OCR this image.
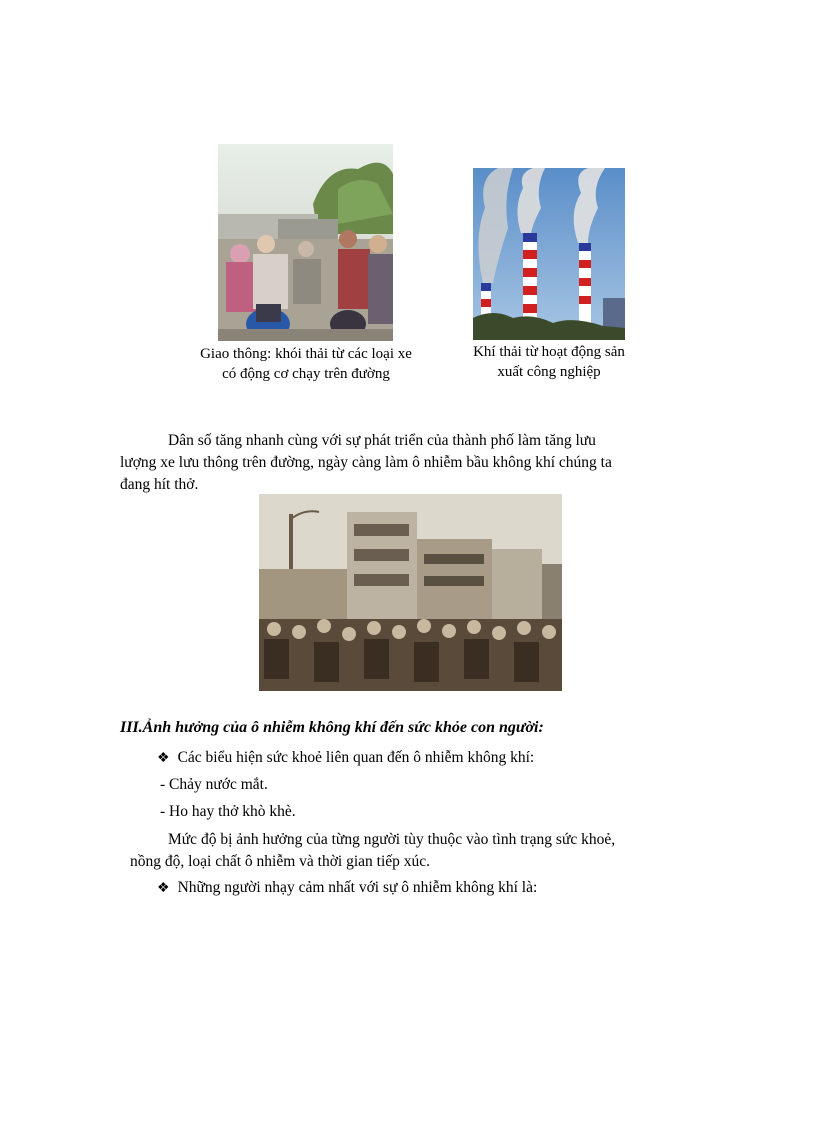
Giao thông: khói thải từ các loại xe
có động cơ chạy trên đường
Khí thải từ hoạt động sản
xuất công nghiệp
Dân số tăng nhanh cùng với sự phát triển của thành phố làm tăng lưu
lượng xe lưu thông trên đường, ngày càng làm ô nhiễm bầu không khí chúng ta
đang hít thở.
III.Ảnh hưởng của ô nhiễm không khí đến sức khỏe con người:
❖ Các biểu hiện sức khoẻ liên quan đến ô nhiễm không khí:
- Chảy nước mắt.
- Ho hay thở khò khè.
Mức độ bị ảnh hưởng của từng người tùy thuộc vào tình trạng sức khoẻ,
nồng độ, loại chất ô nhiễm và thời gian tiếp xúc.
❖ Những người nhạy cảm nhất với sự ô nhiễm không khí là:
